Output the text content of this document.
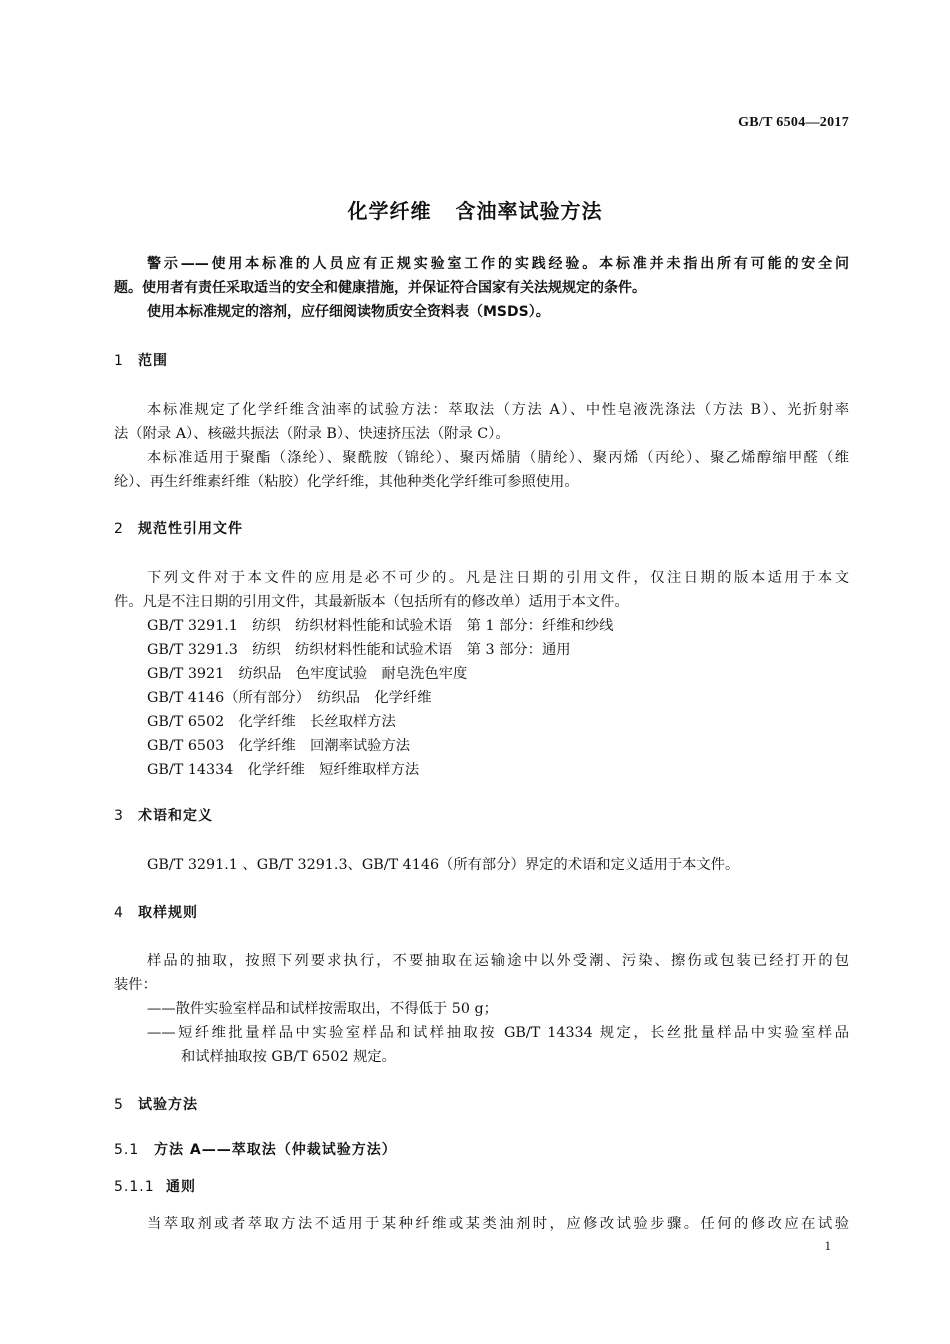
GB/T 6504—2017
化学纤维 含油率试验方法
警示——使用本标准的人员应有正规实验室工作的实践经验。本标准并未指出所有可能的安全问
题。使用者有责任采取适当的安全和健康措施，并保证符合国家有关法规规定的条件。
使用本标准规定的溶剂，应仔细阅读物质安全资料表（MSDS）。
1 范围
本标准规定了化学纤维含油率的试验方法：萃取法（方法 A）、中性皂液洗涤法（方法 B）、光折射率
法（附录 A）、核磁共振法（附录 B）、快速挤压法（附录 C）。
本标准适用于聚酯（涤纶）、聚酰胺（锦纶）、聚丙烯腈（腈纶）、聚丙烯（丙纶）、聚乙烯醇缩甲醛（维
纶）、再生纤维素纤维（粘胶）化学纤维，其他种类化学纤维可参照使用。
2 规范性引用文件
下列文件对于本文件的应用是必不可少的。凡是注日期的引用文件，仅注日期的版本适用于本文
件。凡是不注日期的引用文件，其最新版本（包括所有的修改单）适用于本文件。
GB/T 3291.1　纺织　纺织材料性能和试验术语　第 1 部分：纤维和纱线
GB/T 3291.3　纺织　纺织材料性能和试验术语　第 3 部分：通用
GB/T 3921　纺织品　色牢度试验　耐皂洗色牢度
GB/T 4146（所有部分）　纺织品　化学纤维
GB/T 6502　化学纤维　长丝取样方法
GB/T 6503　化学纤维　回潮率试验方法
GB/T 14334　化学纤维　短纤维取样方法
3 术语和定义
GB/T 3291.1 、GB/T 3291.3、GB/T 4146（所有部分）界定的术语和定义适用于本文件。
4 取样规则
样品的抽取，按照下列要求执行，不要抽取在运输途中以外受潮、污染、擦伤或包装已经打开的包
装件：
——散件实验室样品和试样按需取出，不得低于 50 g；
——短纤维批量样品中实验室样品和试样抽取按 GB/T 14334 规定，长丝批量样品中实验室样品
和试样抽取按 GB/T 6502 规定。
5 试验方法
5.1 方法 A——萃取法（仲裁试验方法）
5.1.1 通则
当萃取剂或者萃取方法不适用于某种纤维或某类油剂时，应修改试验步骤。任何的修改应在试验
1
